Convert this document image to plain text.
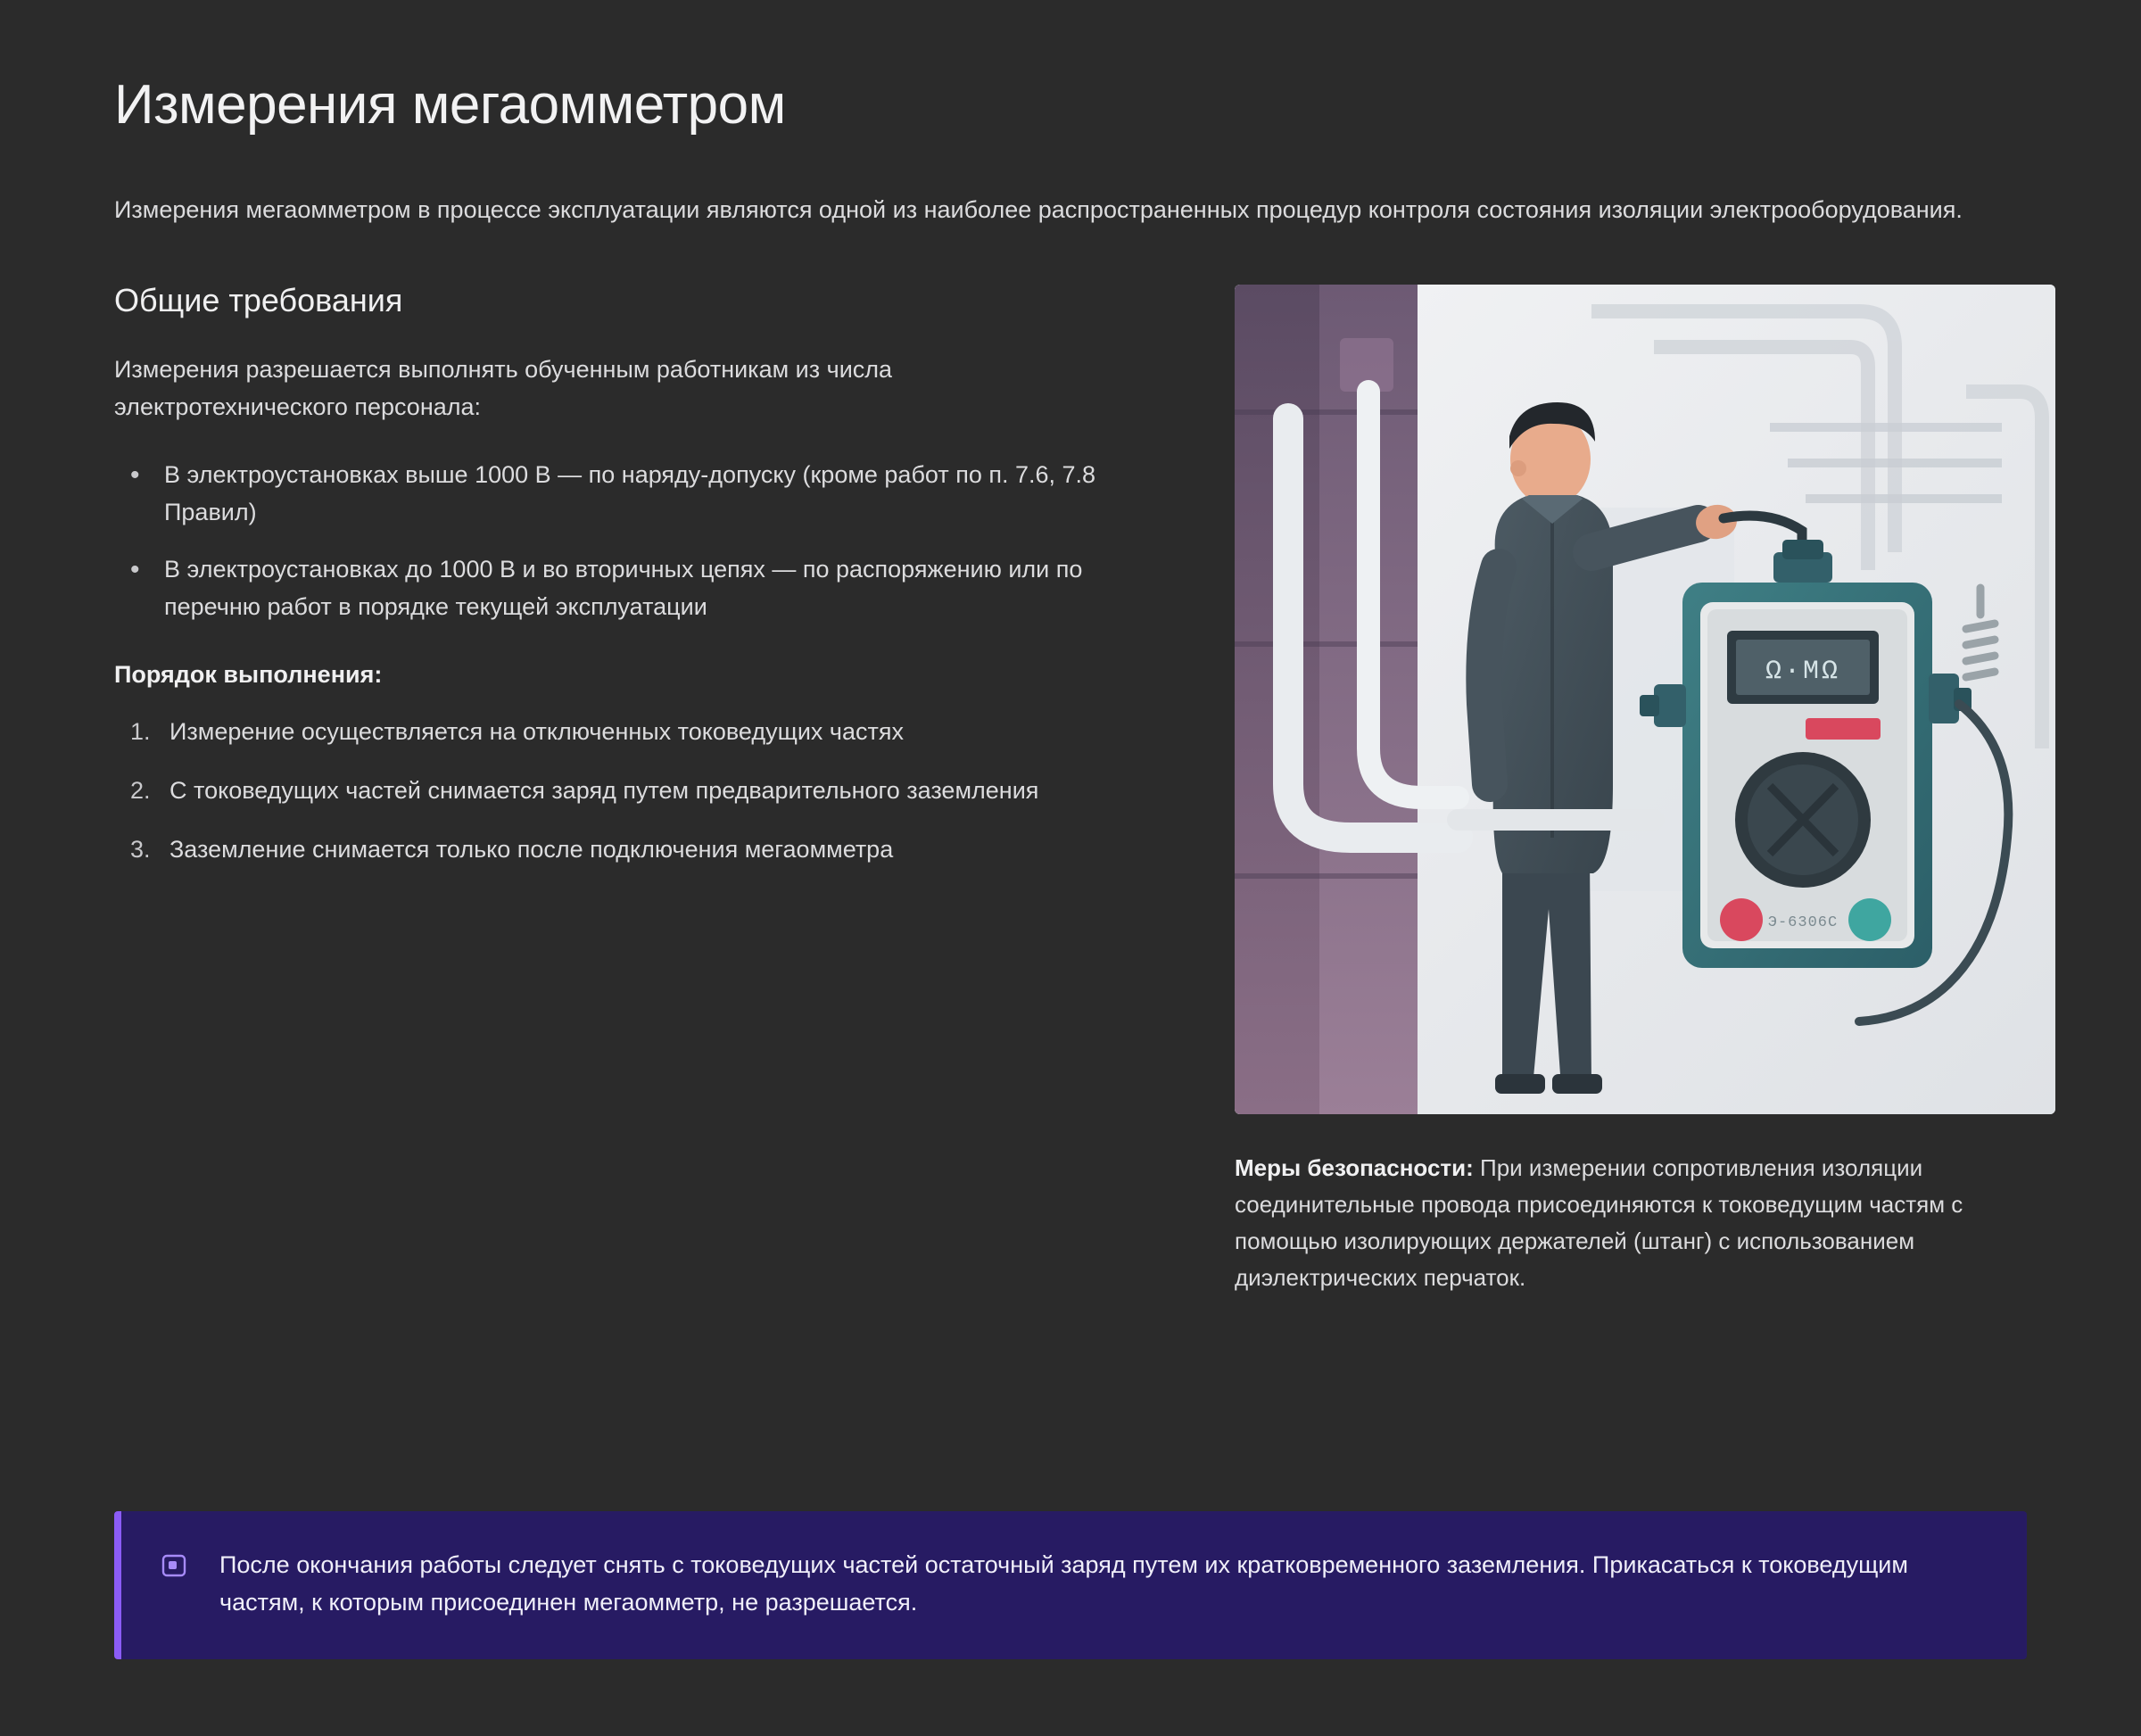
Измерения мегаомметром

Измерения мегаомметром в процессе эксплуатации являются одной из наиболее распространенных процедур контроля состояния изоляции электрооборудования.

Общие требования

Измерения разрешается выполнять обученным работникам из числа электротехнического персонала:

• В электроустановках выше 1000 В — по наряду-допуску (кроме работ по п. 7.6, 7.8 Правил)
• В электроустановках до 1000 В и во вторичных цепях — по распоряжению или по перечню работ в порядке текущей эксплуатации

Порядок выполнения:

Измерение осуществляется на отключенных токоведущих частях
С токоведущих частей снимается заряд путем предварительного заземления
Заземление снимается только после подключения мегаомметра
Ω·МΩ
Э-6306С
Меры безопасности: При измерении сопротивления изоляции соединительные провода присоединяются к токоведущим частям с помощью изолирующих держателей (штанг) с использованием диэлектрических перчаток.
После окончания работы следует снять с токоведущих частей остаточный заряд путем их кратковременного заземления. Прикасаться к токоведущим частям, к которым присоединен мегаомметр, не разрешается.
